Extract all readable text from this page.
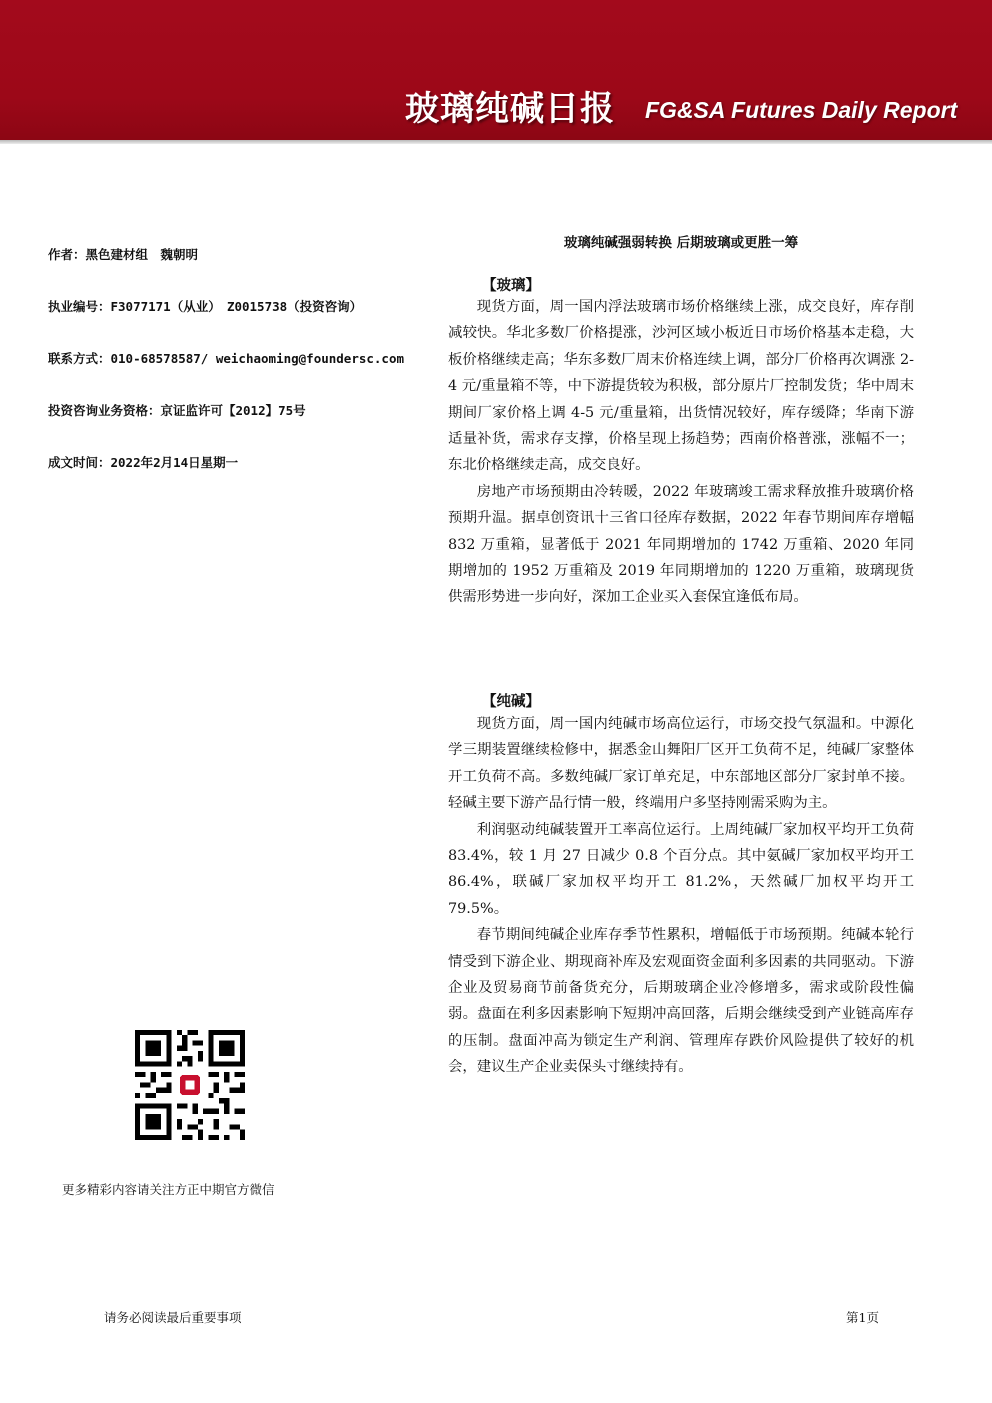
玻璃纯碱日报 FG&SA Futures Daily Report
作者：黑色建材组　魏朝明
执业编号：F3077171（从业）　Z0015738（投资咨询）
联系方式：010-68578587/ weichaoming@foundersc.com
投资咨询业务资格：京证监许可【2012】75号
成文时间：2022年2月14日星期一
玻璃纯碱强弱转换 后期玻璃或更胜一筹
【玻璃】

现货方面，周一国内浮法玻璃市场价格继续上涨，成交良好，库存削减较快。华北多数厂价格提涨，沙河区域小板近日市场价格基本走稳，大板价格继续走高；华东多数厂周末价格连续上调，部分厂价格再次调涨 2-4 元/重量箱不等，中下游提货较为积极，部分原片厂控制发货；华中周末期间厂家价格上调 4-5 元/重量箱，出货情况较好，库存缓降；华南下游适量补货，需求存支撑，价格呈现上扬趋势；西南价格普涨，涨幅不一；东北价格继续走高，成交良好。

房地产市场预期由冷转暖，2022 年玻璃竣工需求释放推升玻璃价格预期升温。据卓创资讯十三省口径库存数据，2022 年春节期间库存增幅 832 万重箱，显著低于 2021 年同期增加的 1742 万重箱、2020 年同期增加的 1952 万重箱及 2019 年同期增加的 1220 万重箱，玻璃现货供需形势进一步向好，深加工企业买入套保宜逢低布局。

【纯碱】

现货方面，周一国内纯碱市场高位运行，市场交投气氛温和。中源化学三期装置继续检修中，据悉金山舞阳厂区开工负荷不足，纯碱厂家整体开工负荷不高。多数纯碱厂家订单充足，中东部地区部分厂家封单不接。轻碱主要下游产品行情一般，终端用户多坚持刚需采购为主。

利润驱动纯碱装置开工率高位运行。上周纯碱厂家加权平均开工负荷 83.4%，较 1 月 27 日减少 0.8 个百分点。其中氨碱厂家加权平均开工 86.4%，联碱厂家加权平均开工 81.2%，天然碱厂加权平均开工 79.5%。

春节期间纯碱企业库存季节性累积，增幅低于市场预期。纯碱本轮行情受到下游企业、期现商补库及宏观面资金面利多因素的共同驱动。下游企业及贸易商节前备货充分，后期玻璃企业冷修增多，需求或阶段性偏弱。盘面在利多因素影响下短期冲高回落，后期会继续受到产业链高库存的压制。盘面冲高为锁定生产利润、管理库存跌价风险提供了较好的机会，建议生产企业卖保头寸继续持有。

更多精彩内容请关注方正中期官方微信
请务必阅读最后重要事项	第1页
